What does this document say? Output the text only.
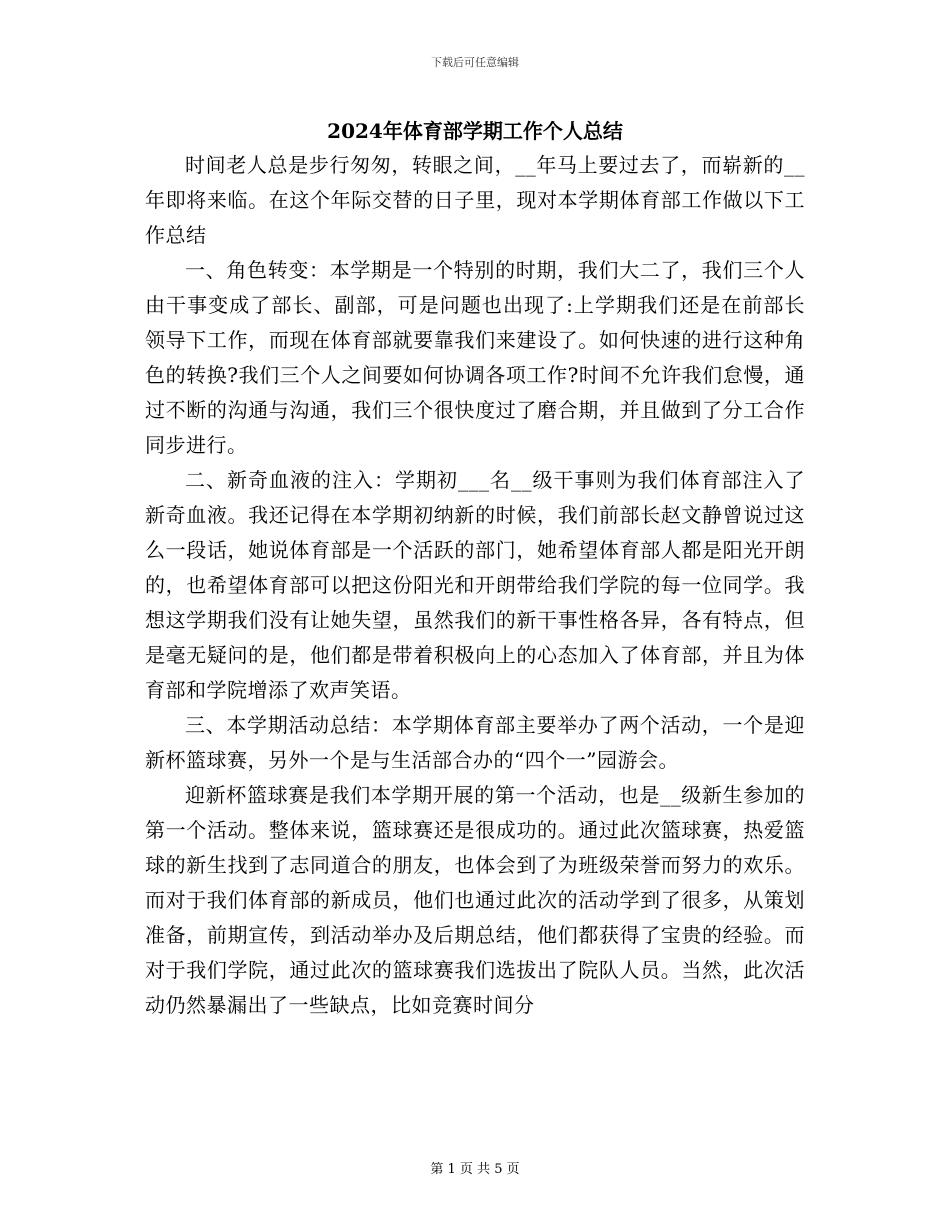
下载后可任意编辑
2024年体育部学期工作个人总结

时间老人总是步行匆匆，转眼之间，__年马上要过去了，而崭新的__年即将来临。在这个年际交替的日子里，现对本学期体育部工作做以下工作总结

一、角色转变：本学期是一个特别的时期，我们大二了，我们三个人由干事变成了部长、副部，可是问题也出现了:上学期我们还是在前部长领导下工作，而现在体育部就要靠我们来建设了。如何快速的进行这种角色的转换?我们三个人之间要如何协调各项工作?时间不允许我们怠慢，通过不断的沟通与沟通，我们三个很快度过了磨合期，并且做到了分工合作同步进行。

二、新奇血液的注入：学期初___名__级干事则为我们体育部注入了新奇血液。我还记得在本学期初纳新的时候，我们前部长赵文静曾说过这么一段话，她说体育部是一个活跃的部门，她希望体育部人都是阳光开朗的，也希望体育部可以把这份阳光和开朗带给我们学院的每一位同学。我想这学期我们没有让她失望，虽然我们的新干事性格各异，各有特点，但是毫无疑问的是，他们都是带着积极向上的心态加入了体育部，并且为体育部和学院增添了欢声笑语。

三、本学期活动总结：本学期体育部主要举办了两个活动，一个是迎新杯篮球赛，另外一个是与生活部合办的“四个一”园游会。

迎新杯篮球赛是我们本学期开展的第一个活动，也是__级新生参加的第一个活动。整体来说，篮球赛还是很成功的。通过此次篮球赛，热爱篮球的新生找到了志同道合的朋友，也体会到了为班级荣誉而努力的欢乐。而对于我们体育部的新成员，他们也通过此次的活动学到了很多，从策划准备，前期宣传，到活动举办及后期总结，他们都获得了宝贵的经验。而对于我们学院，通过此次的篮球赛我们选拔出了院队人员。当然，此次活动仍然暴漏出了一些缺点，比如竞赛时间分

第 1 页 共 5 页
